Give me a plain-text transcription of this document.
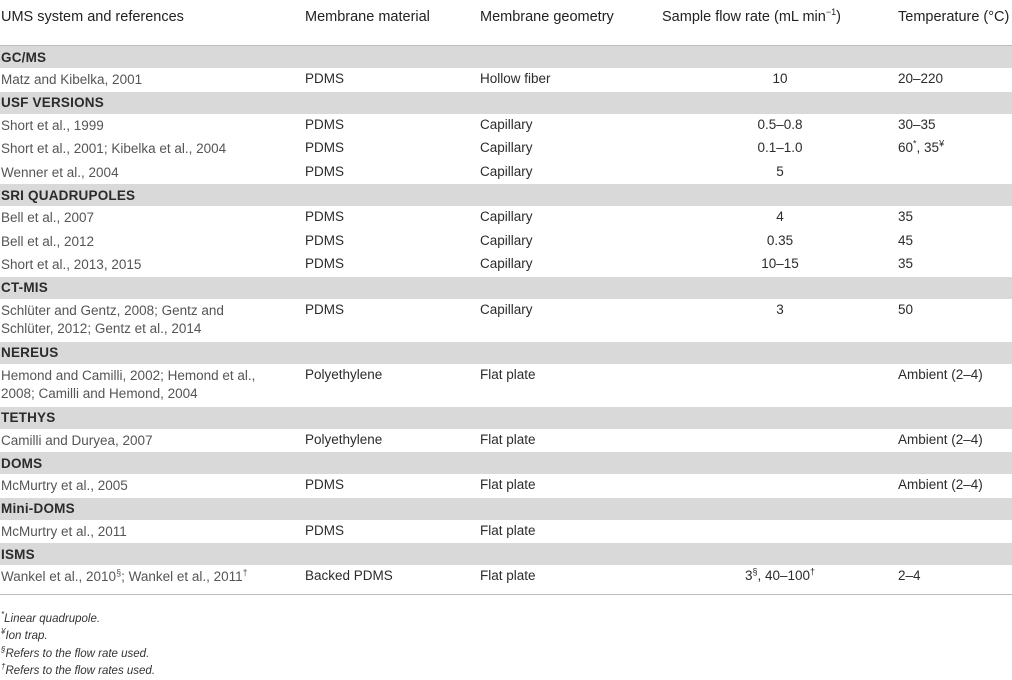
UMS system and references	Membrane material	Membrane geometry	Sample flow rate (mL $\min^{-1}$)	Temperature (°C)
GC/MS				
Matz and Kibelka, 2001	PDMS	Hollow fiber	10	20–220
USF VERSIONS				
Short et al., 1999	PDMS	Capillary	0.5–0.8	30–35
Short et al., 2001; Kibelka et al., 2004	PDMS	Capillary	0.1–1.0	60*, 35¥
Wenner et al., 2004	PDMS	Capillary	5	
SRI QUADRUPOLES				
Bell et al., 2007	PDMS	Capillary	4	35
Bell et al., 2012	PDMS	Capillary	0.35	45
Short et al., 2013, 2015	PDMS	Capillary	10–15	35
CT-MIS				
Schlüter and Gentz, 2008; Gentz and
Schlüter, 2012; Gentz et al., 2014	PDMS	Capillary	3	50
NEREUS				
Hemond and Camilli, 2002; Hemond et al.,
2008; Camilli and Hemond, 2004	Polyethylene	Flat plate		Ambient (2–4)
TETHYS				
Camilli and Duryea, 2007	Polyethylene	Flat plate		Ambient (2–4)
DOMS				
McMurtry et al., 2005	PDMS	Flat plate		Ambient (2–4)
Mini-DOMS				
McMurtry et al., 2011	PDMS	Flat plate		
ISMS				
Wankel et al., 2010§; Wankel et al., 2011†	Backed PDMS	Flat plate	3§, 40–100†	2–4
*Linear quadrupole.
¥Ion trap.
§Refers to the flow rate used.
†Refers to the flow rates used.
